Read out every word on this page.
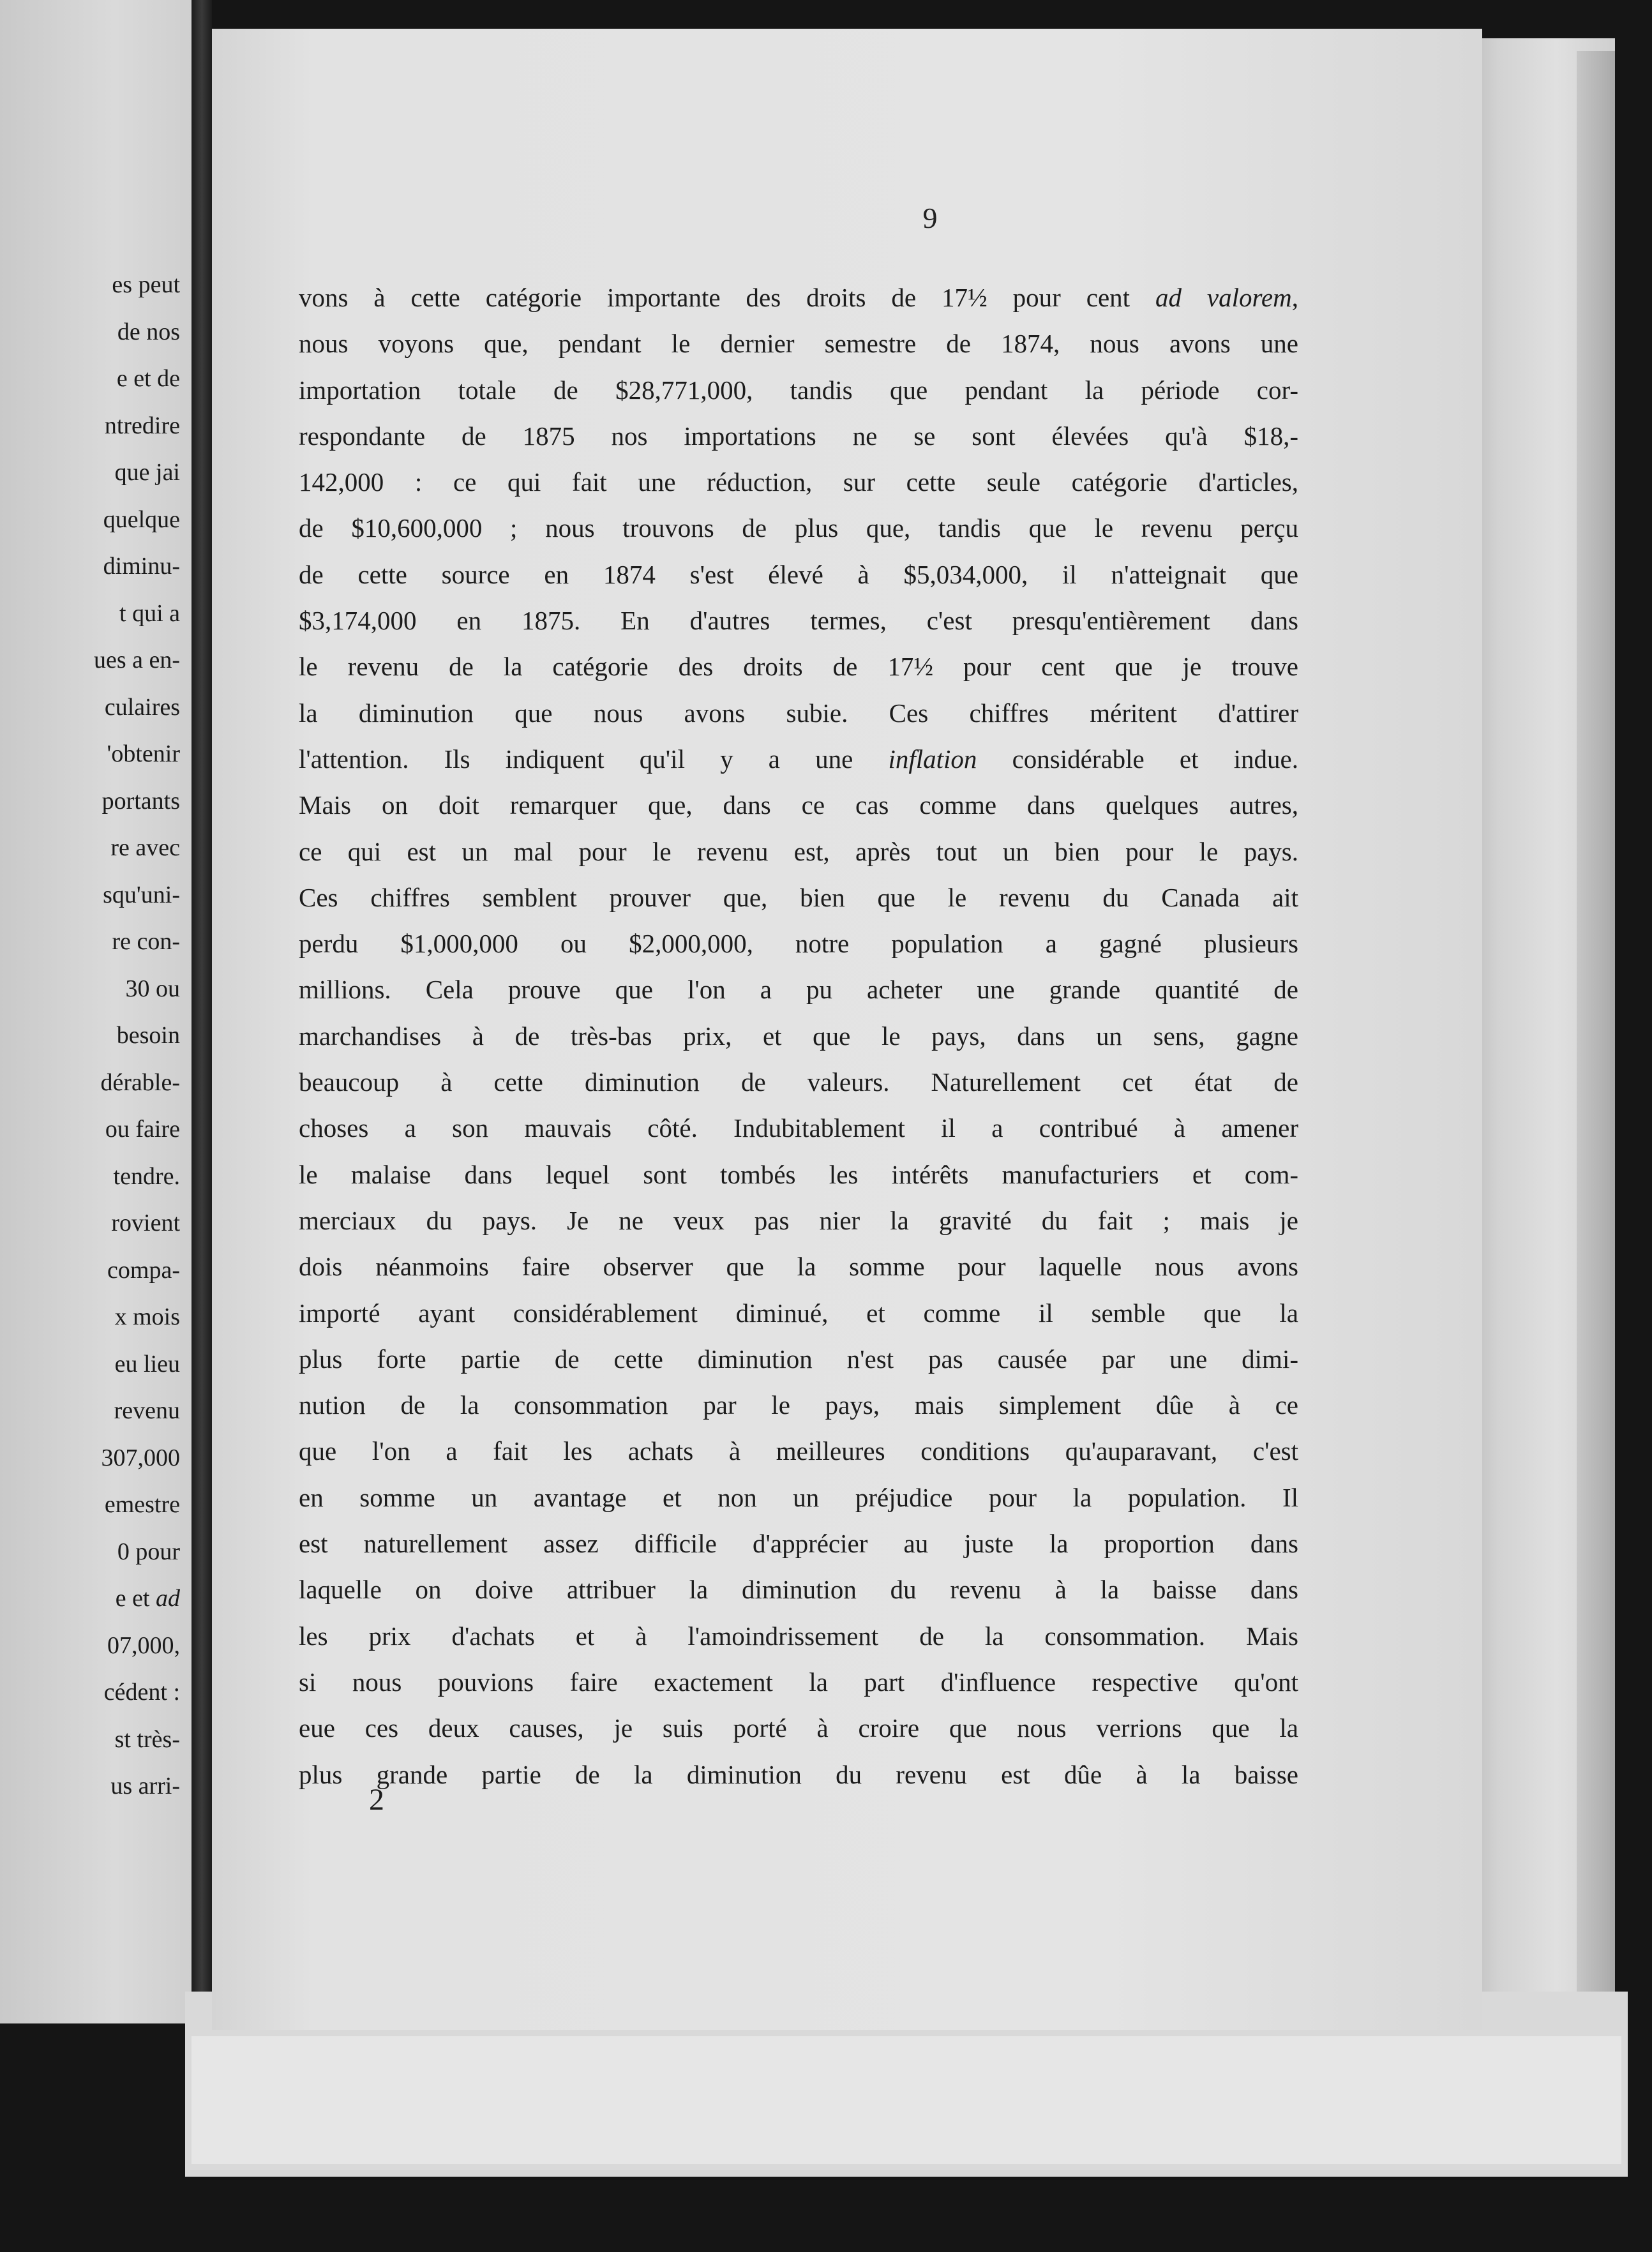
es peut
de nos
e et de
ntredire
que jai
quelque
diminu-
t qui a
ues a en-
culaires
'obtenir
portants
re avec
squ'uni-
re con-
30 ou
besoin
dérable-
ou faire
tendre.
rovient
compa-
x mois
eu lieu
revenu
307,000
emestre
0 pour
e et ad
07,000,
cédent :
st très-
us arri-
9
vons à cette catégorie importante des droits de 17½ pour cent ad valorem,
nous voyons que, pendant le dernier semestre de 1874, nous avons une
importation totale de $28,771,000, tandis que pendant la période cor-
respondante de 1875 nos importations ne se sont élevées qu'à $18,-
142,000 : ce qui fait une réduction, sur cette seule catégorie d'articles,
de $10,600,000 ; nous trouvons de plus que, tandis que le revenu perçu
de cette source en 1874 s'est élevé à $5,034,000, il n'atteignait que
$3,174,000 en 1875. En d'autres termes, c'est presqu'entièrement dans
le revenu de la catégorie des droits de 17½ pour cent que je trouve
la diminution que nous avons subie. Ces chiffres méritent d'attirer
l'attention. Ils indiquent qu'il y a une inflation considérable et indue.
Mais on doit remarquer que, dans ce cas comme dans quelques autres,
ce qui est un mal pour le revenu est, après tout un bien pour le pays.
Ces chiffres semblent prouver que, bien que le revenu du Canada ait
perdu $1,000,000 ou $2,000,000, notre population a gagné plusieurs
millions. Cela prouve que l'on a pu acheter une grande quantité de
marchandises à de très-bas prix, et que le pays, dans un sens, gagne
beaucoup à cette diminution de valeurs. Naturellement cet état de
choses a son mauvais côté. Indubitablement il a contribué à amener
le malaise dans lequel sont tombés les intérêts manufacturiers et com-
merciaux du pays. Je ne veux pas nier la gravité du fait ; mais je
dois néanmoins faire observer que la somme pour laquelle nous avons
importé ayant considérablement diminué, et comme il semble que la
plus forte partie de cette diminution n'est pas causée par une dimi-
nution de la consommation par le pays, mais simplement dûe à ce
que l'on a fait les achats à meilleures conditions qu'auparavant, c'est
en somme un avantage et non un préjudice pour la population. Il
est naturellement assez difficile d'apprécier au juste la proportion dans
laquelle on doive attribuer la diminution du revenu à la baisse dans
les prix d'achats et à l'amoindrissement de la consommation. Mais
si nous pouvions faire exactement la part d'influence respective qu'ont
eue ces deux causes, je suis porté à croire que nous verrions que la
plus grande partie de la diminution du revenu est dûe à la baisse
2
